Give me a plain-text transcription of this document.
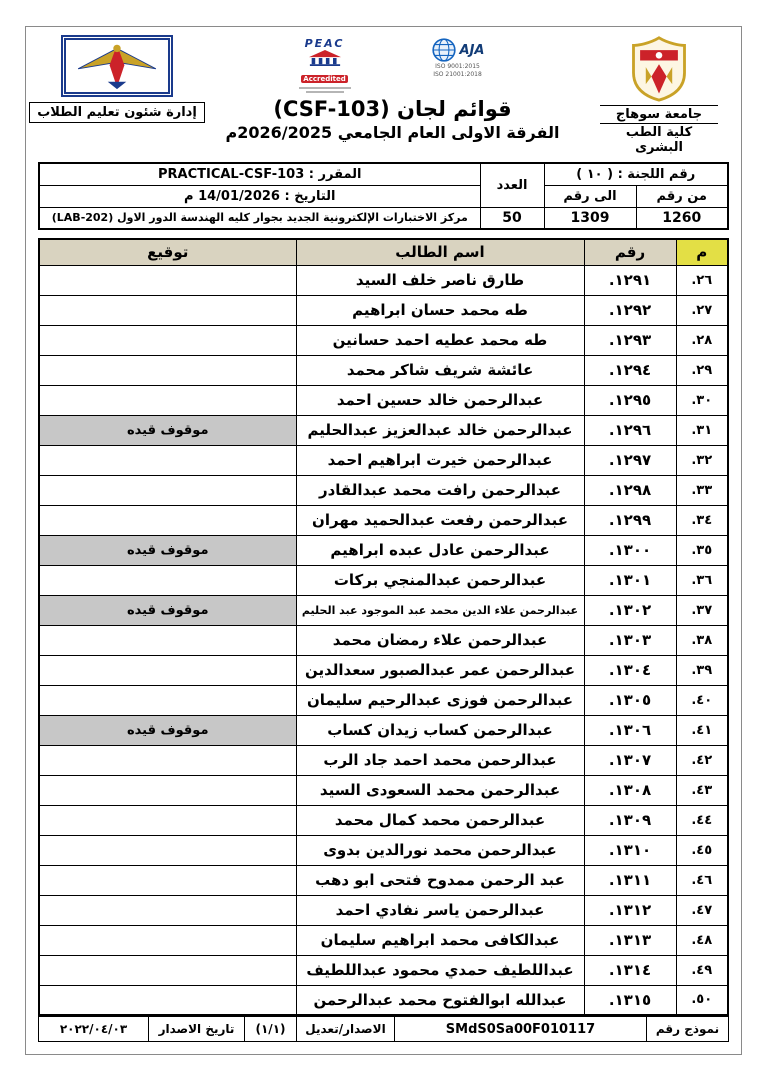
جامعة سوهاج
كلية الطب البشرى
PEAC
Accredited
AJA
ISO 9001:2015
ISO 21001:2018
قوائم لجان (CSF-103)
الفرقة الاولى العام الجامعي 2026/2025م
إدارة شئون تعليم الطلاب
رقم اللجنة : ( ١٠ )		العدد	المقرر : PRACTICAL-CSF-103
من رقم	الى رقم		التاريخ : 14/01/2026 م
1260	1309	50	مركز الاختبارات الإلكترونية الجديد بجوار كليه الهندسة الدور الاول (LAB-202)
م	رقم	اسم الطالب	توقيع
٢٦.	١٢٩١.	طارق ناصر خلف السيد	
٢٧.	١٢٩٢.	طه محمد حسان ابراهيم	
٢٨.	١٢٩٣.	طه محمد عطيه احمد حسانين	
٢٩.	١٢٩٤.	عائشة شريف شاكر محمد	
٣٠.	١٢٩٥.	عبدالرحمن خالد حسين احمد	
٣١.	١٢٩٦.	عبدالرحمن خالد عبدالعزيز عبدالحليم	موقوف قيده
٣٢.	١٢٩٧.	عبدالرحمن خيرت ابراهيم احمد	
٣٣.	١٢٩٨.	عبدالرحمن رافت محمد عبدالقادر	
٣٤.	١٢٩٩.	عبدالرحمن رفعت عبدالحميد مهران	
٣٥.	١٣٠٠.	عبدالرحمن عادل عبده ابراهيم	موقوف قيده
٣٦.	١٣٠١.	عبدالرحمن عبدالمنجي بركات	
٣٧.	١٣٠٢.	عبدالرحمن علاء الدين محمد عبد الموجود عبد الحليم	موقوف قيده
٣٨.	١٣٠٣.	عبدالرحمن علاء رمضان محمد	
٣٩.	١٣٠٤.	عبدالرحمن عمر عبدالصبور سعدالدين	
٤٠.	١٣٠٥.	عبدالرحمن فوزى عبدالرحيم سليمان	
٤١.	١٣٠٦.	عبدالرحمن كساب زيدان كساب	موقوف قيده
٤٢.	١٣٠٧.	عبدالرحمن محمد احمد جاد الرب	
٤٣.	١٣٠٨.	عبدالرحمن محمد السعودى السيد	
٤٤.	١٣٠٩.	عبدالرحمن محمد كمال محمد	
٤٥.	١٣١٠.	عبدالرحمن محمد نورالدين بدوى	
٤٦.	١٣١١.	عبد الرحمن ممدوح فتحى ابو دهب	
٤٧.	١٣١٢.	عبدالرحمن ياسر نفادي احمد	
٤٨.	١٣١٣.	عبدالكافى محمد ابراهيم سليمان	
٤٩.	١٣١٤.	عبداللطيف حمدي محمود عبداللطيف	
٥٠.	١٣١٥.	عبدالله ابوالفتوح محمد عبدالرحمن	
نموذج رقم	SMdS0Sa00F010117	الاصدار/تعديل	(١/١)	تاريخ الاصدار	٢٠٢٢/٠٤/٠٣
